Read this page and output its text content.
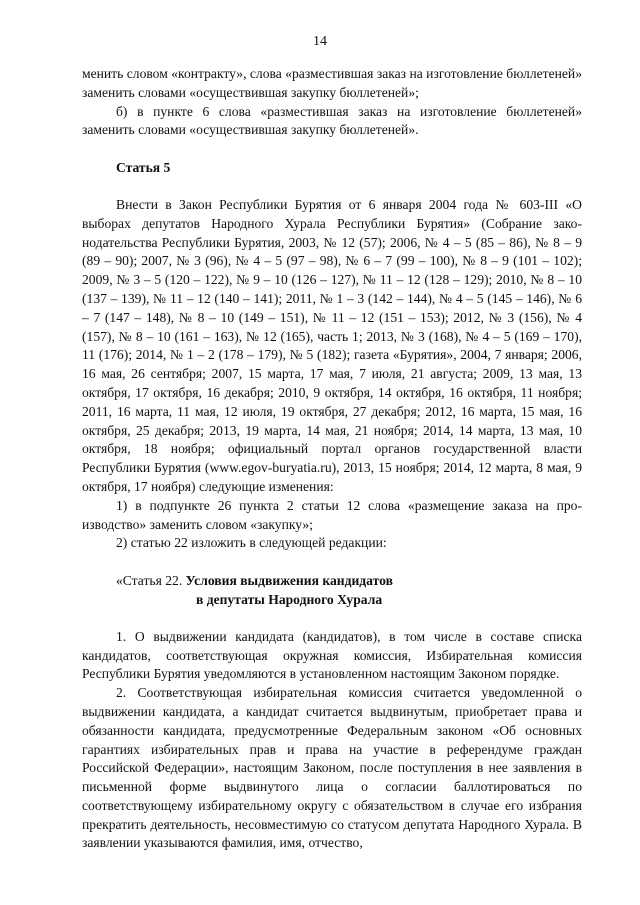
14

менить словом «контракту», слова «разместившая заказ на изготовление бюллетеней» заменить словами «осуществившая закупку бюллетеней»;

б) в пункте 6 слова «разместившая заказ на изготовление бюллетеней» заменить словами «осуществившая закупку бюллетеней».

Статья 5

Внести в Закон Республики Бурятия от 6 января 2004 года № 603-III «О выборах депутатов Народного Хурала Республики Бурятия» (Собрание законодательства Республики Бурятия, 2003, № 12 (57); 2006, № 4 – 5 (85 – 86), № 8 – 9 (89 – 90); 2007, № 3 (96), № 4 – 5 (97 – 98), № 6 – 7 (99 – 100), № 8 – 9 (101 – 102); 2009, № 3 – 5 (120 – 122), № 9 – 10 (126 – 127), № 11 – 12 (128 – 129); 2010, № 8 – 10 (137 – 139), № 11 – 12 (140 – 141); 2011, № 1 – 3 (142 – 144), № 4 – 5 (145 – 146), № 6 – 7 (147 – 148), № 8 – 10 (149 – 151), № 11 – 12 (151 – 153); 2012, № 3 (156), № 4 (157), № 8 – 10 (161 – 163), № 12 (165), часть 1; 2013, № 3 (168), № 4 – 5 (169 – 170), 11 (176); 2014, № 1 – 2 (178 – 179), № 5 (182); газета «Бурятия», 2004, 7 января; 2006, 16 мая, 26 сентября; 2007, 15 марта, 17 мая, 7 июля, 21 августа; 2009, 13 мая, 13 октября, 17 октября, 16 декабря; 2010, 9 октября, 14 октября, 16 октября, 11 ноября; 2011, 16 марта, 11 мая, 12 июля, 19 октября, 27 декабря; 2012, 16 марта, 15 мая, 16 октября, 25 декабря; 2013, 19 марта, 14 мая, 21 ноября; 2014, 14 марта, 13 мая, 10 октября, 18 ноября; официальный портал органов государственной власти Республики Бурятия (www.egov-buryatia.ru), 2013, 15 ноября; 2014, 12 марта, 8 мая, 9 октября, 17 ноября) следующие изменения:

1) в подпункте 26 пункта 2 статьи 12 слова «размещение заказа на производство» заменить словом «закупку»;

2) статью 22 изложить в следующей редакции:

«Статья 22. Условия выдвижения кандидатов
в депутаты Народного Хурала

1. О выдвижении кандидата (кандидатов), в том числе в составе списка кандидатов, соответствующая окружная комиссия, Избирательная комиссия Республики Бурятия уведомляются в установленном настоящим Законом порядке.

2. Соответствующая избирательная комиссия считается уведомленной о выдвижении кандидата, а кандидат считается выдвинутым, приобретает права и обязанности кандидата, предусмотренные Федеральным законом «Об основных гарантиях избирательных прав и права на участие в референдуме граждан Российской Федерации», настоящим Законом, после поступления в нее заявления в письменной форме выдвинутого лица о согласии баллотироваться по соответствующему избирательному округу с обязательством в случае его избрания прекратить деятельность, несовместимую со статусом депутата Народного Хурала. В заявлении указываются фамилия, имя, отчество,
